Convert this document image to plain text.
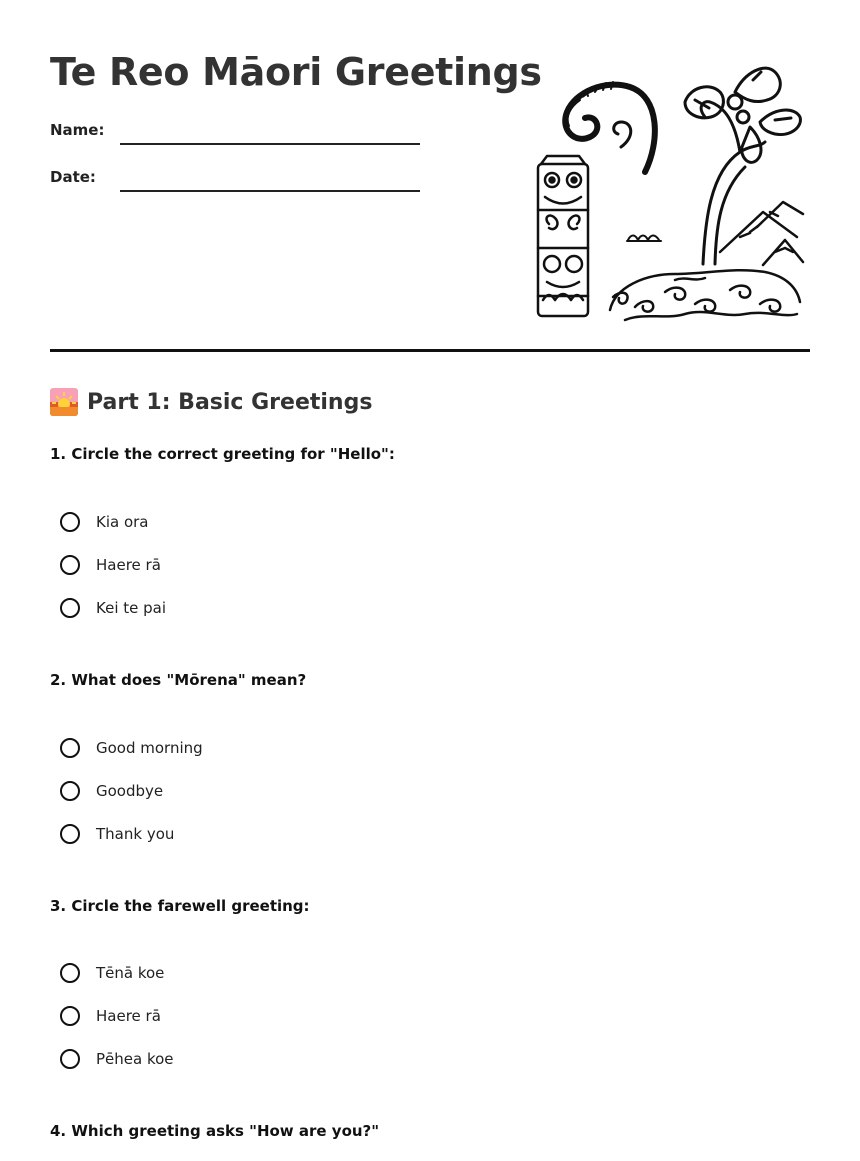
Te Reo Māori Greetings
Name:
Date:
Part 1: Basic Greetings

1. Circle the correct greeting for "Hello":

Kia ora
Haere rā
Kei te pai

2. What does "Mōrena" mean?

Good morning
Goodbye
Thank you

3. Circle the farewell greeting:

Tēnā koe
Haere rā
Pēhea koe

4. Which greeting asks "How are you?"
